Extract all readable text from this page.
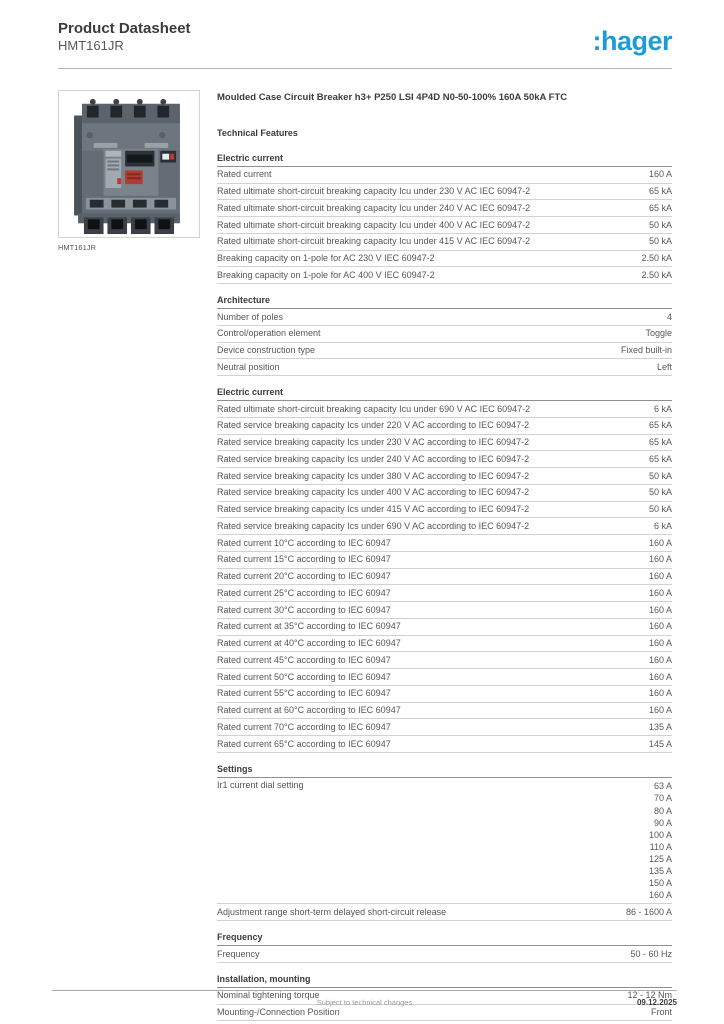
Product Datasheet
HMT161JR	:hager
HMT161JR
Moulded Case Circuit Breaker h3+ P250 LSI 4P4D N0-50-100% 160A 50kA FTC
Technical Features
Electric current
Rated current	160 A
Rated ultimate short-circuit breaking capacity Icu under 230 V AC IEC 60947-2	65 kA
Rated ultimate short-circuit breaking capacity Icu under 240 V AC IEC 60947-2	65 kA
Rated ultimate short-circuit breaking capacity Icu under 400 V AC IEC 60947-2	50 kA
Rated ultimate short-circuit breaking capacity Icu under 415 V AC IEC 60947-2	50 kA
Breaking capacity on 1-pole for AC 230 V IEC 60947-2	2.50 kA
Breaking capacity on 1-pole for AC 400 V IEC 60947-2	2.50 kA
Architecture
Number of poles	4
Control/operation element	Toggle
Device construction type	Fixed built-in
Neutral position	Left
Electric current
Rated ultimate short-circuit breaking capacity Icu under 690 V AC IEC 60947-2	6 kA
Rated service breaking capacity Ics under 220 V AC according to IEC 60947-2	65 kA
Rated service breaking capacity Ics under 230 V AC according to IEC 60947-2	65 kA
Rated service breaking capacity Ics under 240 V AC according to IEC 60947-2	65 kA
Rated service breaking capacity Ics under 380 V AC according to IEC 60947-2	50 kA
Rated service breaking capacity Ics under 400 V AC according to IEC 60947-2	50 kA
Rated service breaking capacity Ics under 415 V AC according to IEC 60947-2	50 kA
Rated service breaking capacity Ics under 690 V AC according to IEC 60947-2	6 kA
Rated current 10°C according to IEC 60947	160 A
Rated current 15°C according to IEC 60947	160 A
Rated current 20°C according to IEC 60947	160 A
Rated current 25°C according to IEC 60947	160 A
Rated current 30°C according to IEC 60947	160 A
Rated current at 35°C according to IEC 60947	160 A
Rated current at 40°C according to IEC 60947	160 A
Rated current 45°C according to IEC 60947	160 A
Rated current 50°C according to IEC 60947	160 A
Rated current 55°C according to IEC 60947	160 A
Rated current at 60°C according to IEC 60947	160 A
Rated current 70°C according to IEC 60947	135 A
Rated current 65°C according to IEC 60947	145 A
Settings
Ir1 current dial setting	63 A
70 A
80 A
90 A
100 A
110 A
125 A
135 A
150 A
160 A
Adjustment range short-term delayed short-circuit release	86 - 1600 A
Frequency
Frequency	50 - 60 Hz
Installation, mounting
Nominal tightening torque	12 - 12 Nm
Mounting-/Connection Position	Front
Subject to technical changes	09.12.2025
